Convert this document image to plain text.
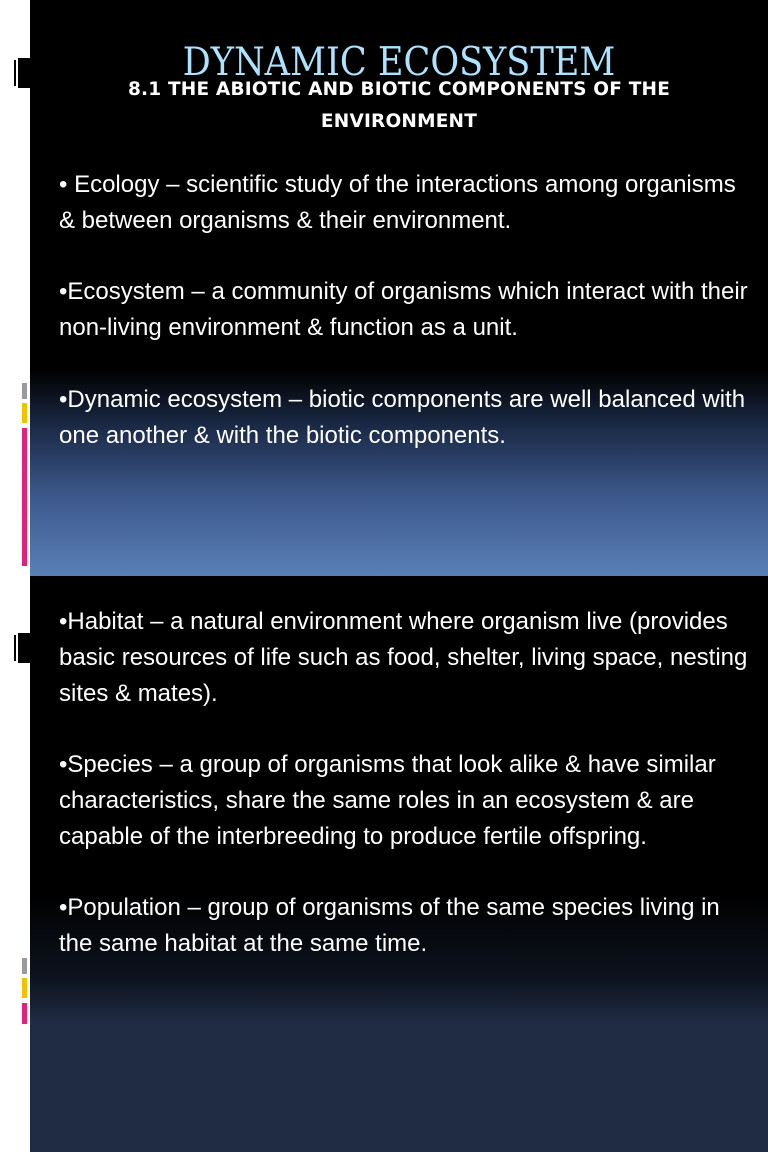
DYNAMIC ECOSYSTEM
8.1 THE ABIOTIC AND BIOTIC COMPONENTS OF THE ENVIRONMENT

• Ecology – scientific study of the interactions among organisms & between organisms & their environment.

•Ecosystem – a community of organisms which interact with their non-living environment & function as a unit.

•Dynamic ecosystem – biotic components are well balanced with one another & with the biotic components.

•Habitat – a natural environment where organism live (provides basic resources of life such as food, shelter, living space, nesting sites & mates).

•Species – a group of organisms that look alike & have similar characteristics, share the same roles in an ecosystem & are capable of the interbreeding to produce fertile offspring.

•Population – group of organisms of the same species living in the same habitat at the same time.
